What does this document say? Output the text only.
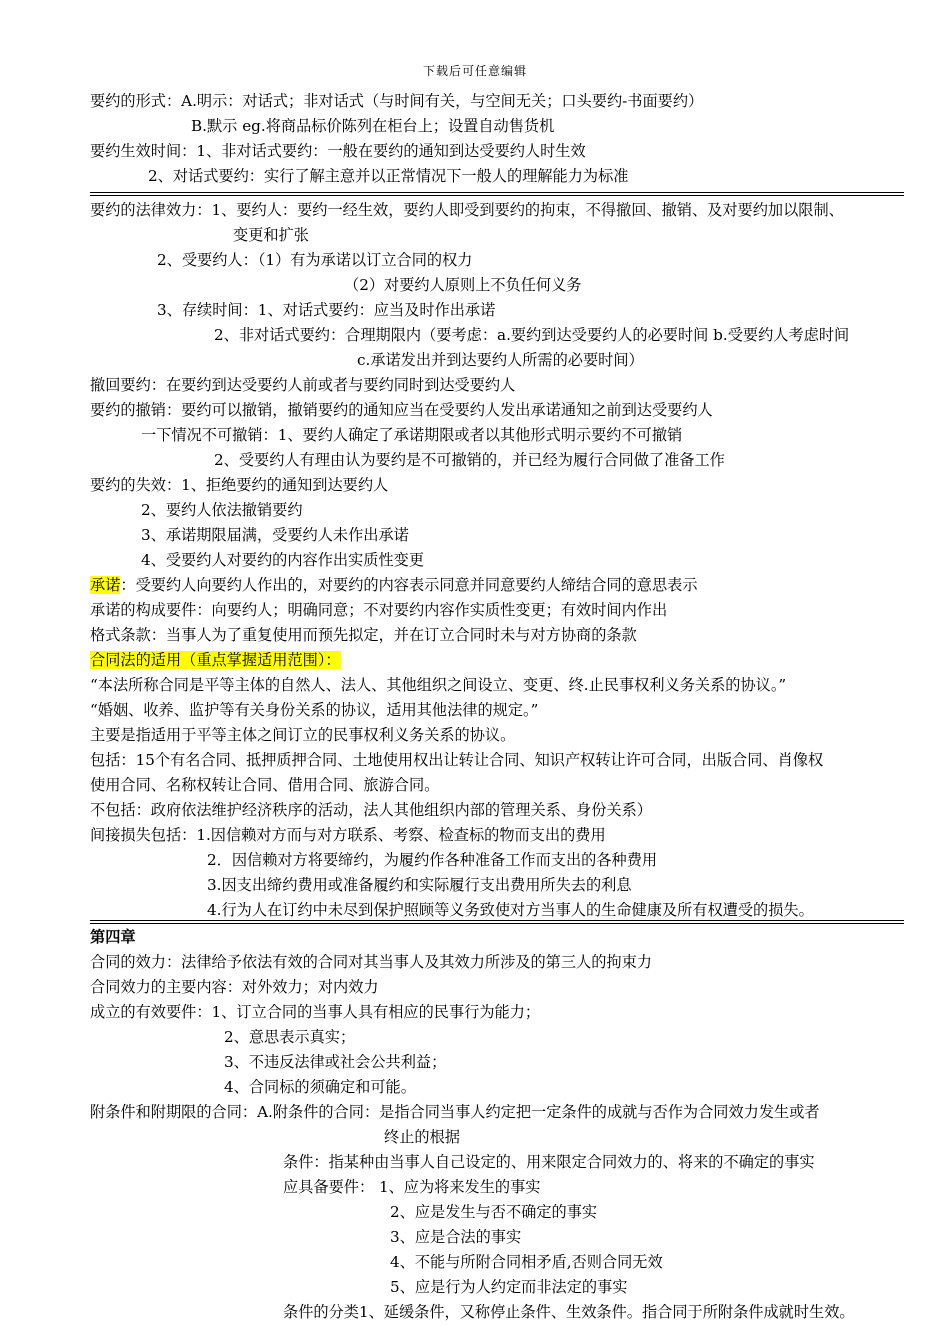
下载后可任意编辑
要约的形式：A.明示：对话式；非对话式（与时间有关，与空间无关；口头要约-书面要约）
B.默示 eg.将商品标价陈列在柜台上；设置自动售货机
要约生效时间：1、非对话式要约：一般在要约的通知到达受要约人时生效
2、对话式要约：实行了解主意并以正常情况下一般人的理解能力为标准
要约的法律效力：1、要约人：要约一经生效，要约人即受到要约的拘束，不得撤回、撤销、及对要约加以限制、
变更和扩张
2、受要约人：（1）有为承诺以订立合同的权力
（2）对要约人原则上不负任何义务
3、存续时间：1、对话式要约：应当及时作出承诺
2、非对话式要约：合理期限内（要考虑：a.要约到达受要约人的必要时间 b.受要约人考虑时间
c.承诺发出并到达要约人所需的必要时间）
撤回要约：在要约到达受要约人前或者与要约同时到达受要约人
要约的撤销：要约可以撤销，撤销要约的通知应当在受要约人发出承诺通知之前到达受要约人
一下情况不可撤销：1、要约人确定了承诺期限或者以其他形式明示要约不可撤销
2、受要约人有理由认为要约是不可撤销的，并已经为履行合同做了准备工作
要约的失效：1、拒绝要约的通知到达要约人
2、要约人依法撤销要约
3、承诺期限届满，受要约人未作出承诺
4、受要约人对要约的内容作出实质性变更
承诺：受要约人向要约人作出的，对要约的内容表示同意并同意要约人缔结合同的意思表示
承诺的构成要件：向要约人；明确同意；不对要约内容作实质性变更；有效时间内作出
格式条款：当事人为了重复使用而预先拟定，并在订立合同时未与对方协商的条款
合同法的适用（重点掌握适用范围）：
“本法所称合同是平等主体的自然人、法人、其他组织之间设立、变更、终.止民事权利义务关系的协议。”
“婚姻、收养、监护等有关身份关系的协议，适用其他法律的规定。”
主要是指适用于平等主体之间订立的民事权利义务关系的协议。
包括：15个有名合同、抵押质押合同、土地使用权出让转让合同、知识产权转让许可合同，出版合同、肖像权
使用合同、名称权转让合同、借用合同、旅游合同。
不包括：政府依法维护经济秩序的活动，法人其他组织内部的管理关系、身份关系）
间接损失包括：1.因信赖对方而与对方联系、考察、检查标的物而支出的费用
2．因信赖对方将要缔约，为履约作各种准备工作而支出的各种费用
3.因支出缔约费用或准备履约和实际履行支出费用所失去的利息
4.行为人在订约中未尽到保护照顾等义务致使对方当事人的生命健康及所有权遭受的损失。
第四章
合同的效力：法律给予依法有效的合同对其当事人及其效力所涉及的第三人的拘束力
合同效力的主要内容：对外效力；对内效力
成立的有效要件：1、订立合同的当事人具有相应的民事行为能力；
2、意思表示真实；
3、不违反法律或社会公共利益；
4、合同标的须确定和可能。
附条件和附期限的合同：A.附条件的合同：是指合同当事人约定把一定条件的成就与否作为合同效力发生或者
终止的根据
条件：指某种由当事人自己设定的、用来限定合同效力的、将来的不确定的事实
应具备要件： 1、应为将来发生的事实
2、应是发生与否不确定的事实
3、应是合法的事实
4、不能与所附合同相矛盾,否则合同无效
5、应是行为人约定而非法定的事实
条件的分类1、延缓条件，又称停止条件、生效条件。指合同于所附条件成就时生效。
